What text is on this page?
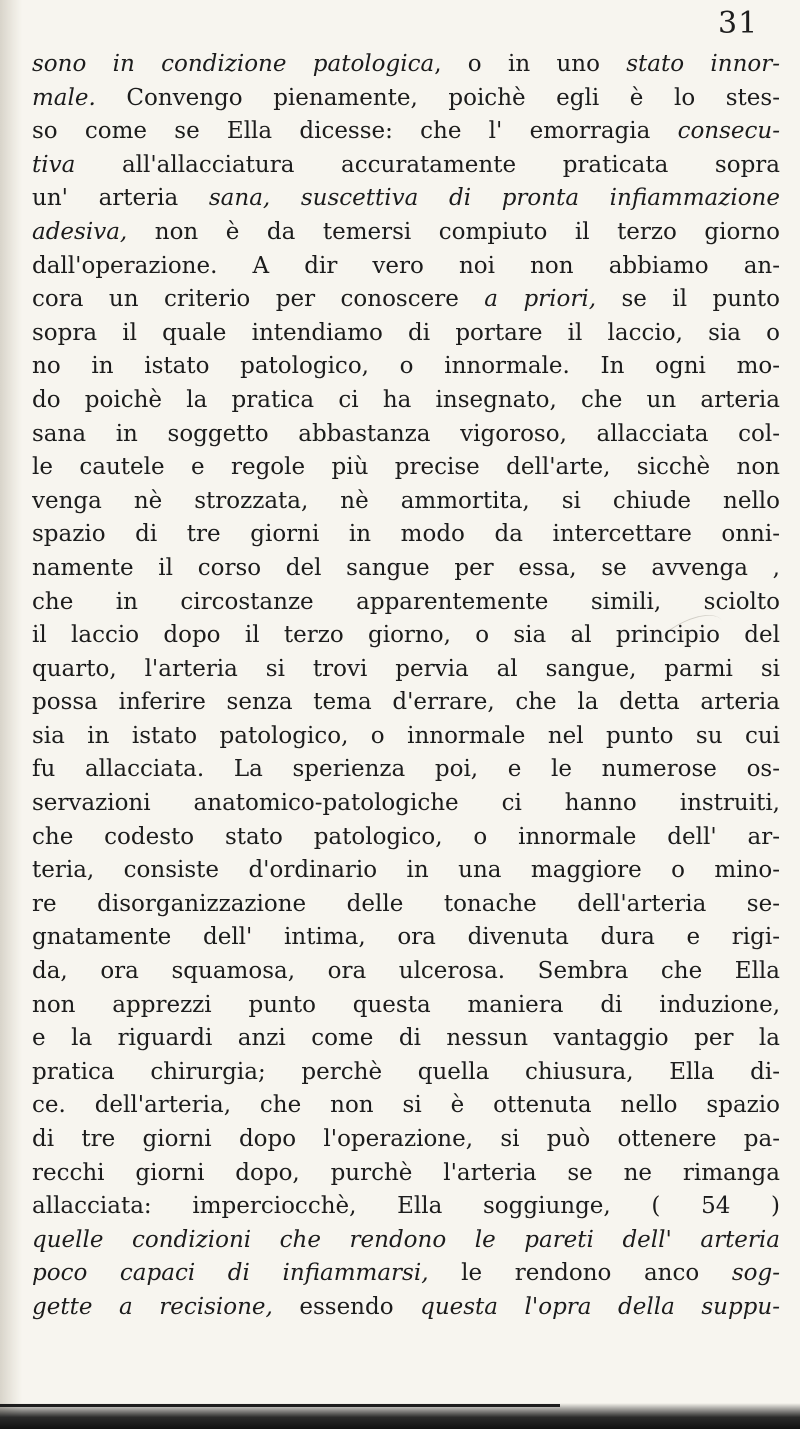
31
sono in condizione patologica, o in uno stato innor-
male. Convengo pienamente, poichè egli è lo stes-
so come se Ella dicesse: che l' emorragia consecu-
tiva all'allacciatura accuratamente praticata sopra
un' arteria sana, suscettiva di pronta infiammazione
adesiva, non è da temersi compiuto il terzo giorno
dall'operazione. A dir vero noi non abbiamo an-
cora un criterio per conoscere a priori, se il punto
sopra il quale intendiamo di portare il laccio, sia o
no in istato patologico, o innormale. In ogni mo-
do poichè la pratica ci ha insegnato, che un arteria
sana in soggetto abbastanza vigoroso, allacciata col-
le cautele e regole più precise dell'arte, sicchè non
venga nè strozzata, nè ammortita, si chiude nello
spazio di tre giorni in modo da intercettare onni-
namente il corso del sangue per essa, se avvenga ,
che in circostanze apparentemente simili, sciolto
il laccio dopo il terzo giorno, o sia al principio del
quarto, l'arteria si trovi pervia al sangue, parmi si
possa inferire senza tema d'errare, che la detta arteria
sia in istato patologico, o innormale nel punto su cui
fu allacciata. La sperienza poi, e le numerose os-
servazioni anatomico-patologiche ci hanno instruiti,
che codesto stato patologico, o innormale dell' ar-
teria, consiste d'ordinario in una maggiore o mino-
re disorganizzazione delle tonache dell'arteria se-
gnatamente dell' intima, ora divenuta dura e rigi-
da, ora squamosa, ora ulcerosa. Sembra che Ella
non apprezzi punto questa maniera di induzione,
e la riguardi anzi come di nessun vantaggio per la
pratica chirurgia; perchè quella chiusura, Ella di-
ce. dell'arteria, che non si è ottenuta nello spazio
di tre giorni dopo l'operazione, si può ottenere pa-
recchi giorni dopo, purchè l'arteria se ne rimanga
allacciata: imperciocchè, Ella soggiunge, ( 54 )
quelle condizioni che rendono le pareti dell' arteria
poco capaci di infiammarsi, le rendono anco sog-
gette a recisione, essendo questa l'opra della suppu-
